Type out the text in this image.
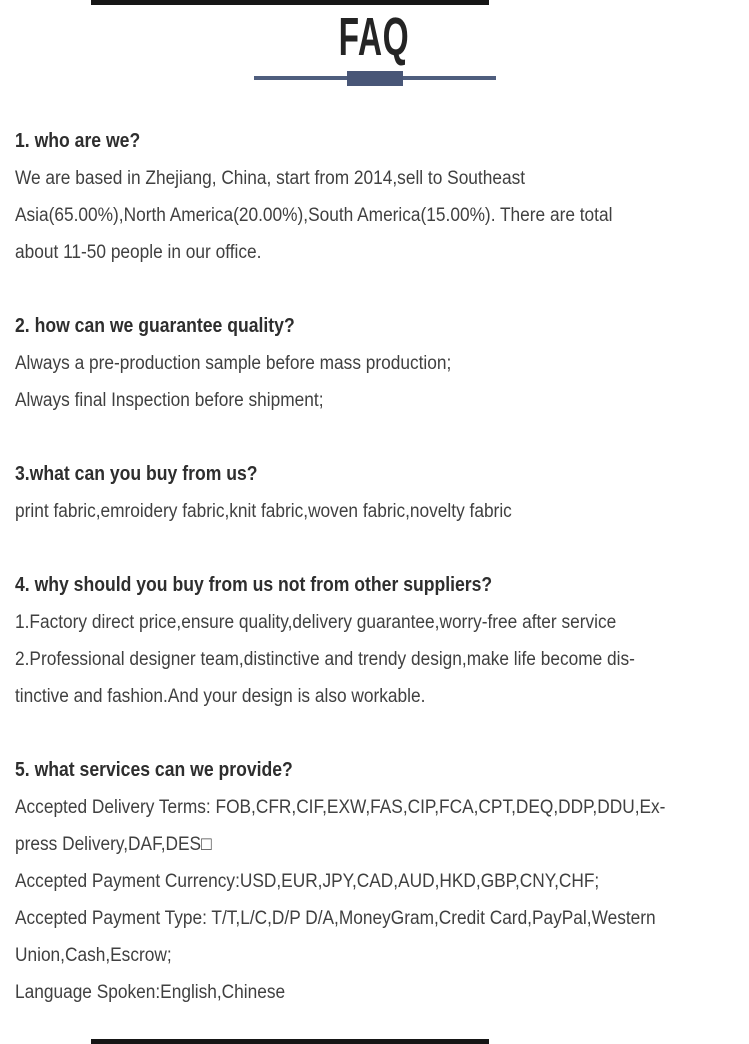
FAQ
1. who are we?
We are based in Zhejiang, China, start from 2014,sell to Southeast
Asia(65.00%),North America(20.00%),South America(15.00%). There are total
about 11-50 people in our office.
2. how can we guarantee quality?
Always a pre-production sample before mass production;
Always final Inspection before shipment;
3.what can you buy from us?
print fabric,emroidery fabric,knit fabric,woven fabric,novelty fabric
4. why should you buy from us not from other suppliers?
1.Factory direct price,ensure quality,delivery guarantee,worry-free after service
2.Professional designer team,distinctive and trendy design,make life become dis-
tinctive and fashion.And your design is also workable.
5. what services can we provide?
Accepted Delivery Terms: FOB,CFR,CIF,EXW,FAS,CIP,FCA,CPT,DEQ,DDP,DDU,Ex-
press Delivery,DAF,DES□
Accepted Payment Currency:USD,EUR,JPY,CAD,AUD,HKD,GBP,CNY,CHF;
Accepted Payment Type: T/T,L/C,D/P D/A,MoneyGram,Credit Card,PayPal,Western
Union,Cash,Escrow;
Language Spoken:English,Chinese
